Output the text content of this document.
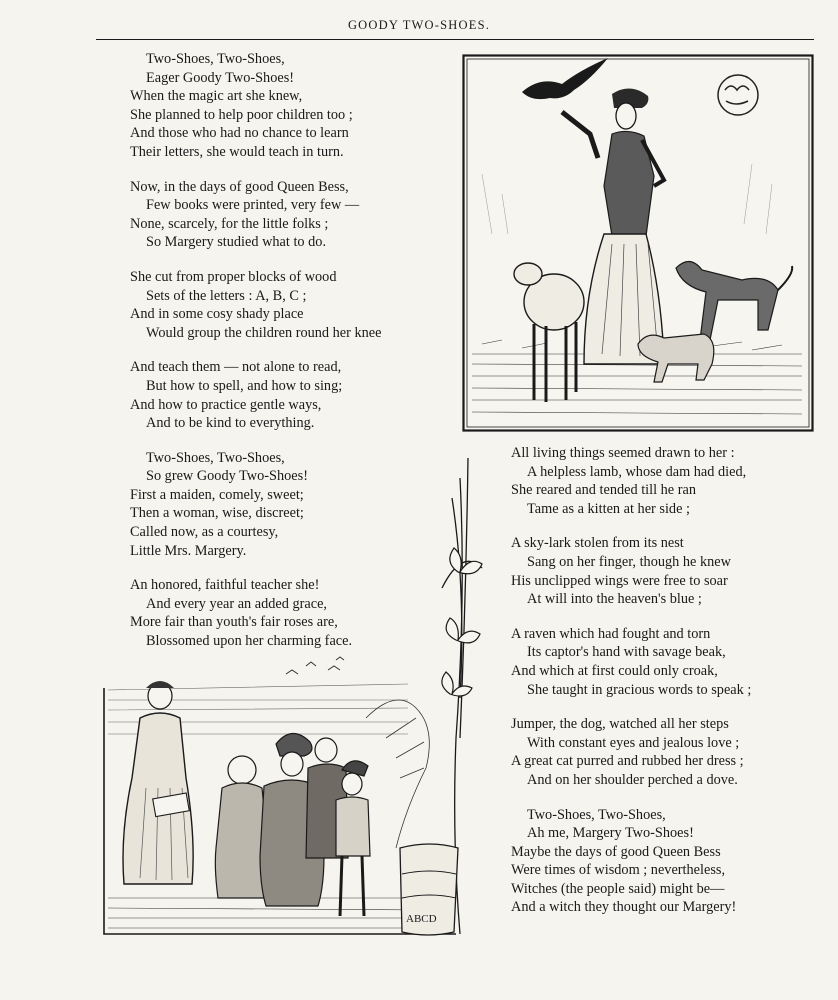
GOODY TWO-SHOES.
Two-Shoes, Two-Shoes,
Eager Goody Two-Shoes!
When the magic art she knew,
She planned to help poor children too ;
And those who had no chance to learn
Their letters, she would teach in turn.
Now, in the days of good Queen Bess,
Few books were printed, very few —
None, scarcely, for the little folks ;
So Margery studied what to do.
She cut from proper blocks of wood
Sets of the letters : A, B, C ;
And in some cosy shady place
Would group the children round her knee
And teach them — not alone to read,
But how to spell, and how to sing;
And how to practice gentle ways,
And to be kind to everything.
Two-Shoes, Two-Shoes,
So grew Goody Two-Shoes!
First a maiden, comely, sweet;
Then a woman, wise, discreet;
Called now, as a courtesy,
Little Mrs. Margery.
An honored, faithful teacher she!
And every year an added grace,
More fair than youth's fair roses are,
Blossomed upon her charming face.
All living things seemed drawn to her :
A helpless lamb, whose dam had died,
She reared and tended till he ran
Tame as a kitten at her side ;
A sky-lark stolen from its nest
Sang on her finger, though he knew
His unclipped wings were free to soar
At will into the heaven's blue ;
A raven which had fought and torn
Its captor's hand with savage beak,
And which at first could only croak,
She taught in gracious words to speak ;
Jumper, the dog, watched all her steps
With constant eyes and jealous love ;
A great cat purred and rubbed her dress ;
And on her shoulder perched a dove.
Two-Shoes, Two-Shoes,
Ah me, Margery Two-Shoes!
Maybe the days of good Queen Bess
Were times of wisdom ; nevertheless,
Witches (the people said) might be—
And a witch they thought our Margery!
ABCD
